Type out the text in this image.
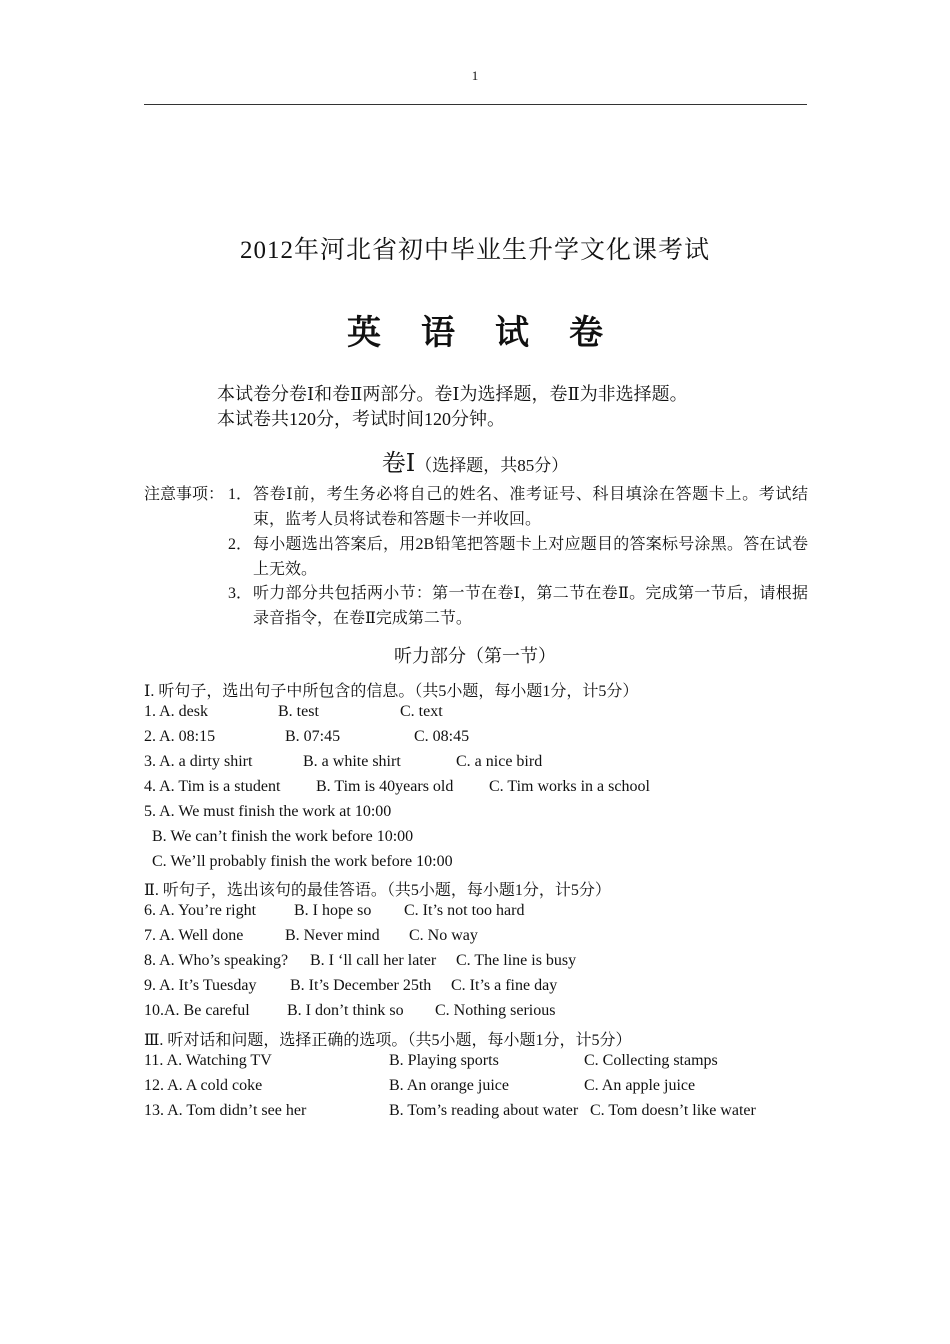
1
2012年河北省初中毕业生升学文化课考试
英语试卷
本试卷分卷Ⅰ和卷Ⅱ两部分。卷Ⅰ为选择题，卷Ⅱ为非选择题。
本试卷共120分，考试时间120分钟。
卷Ⅰ（选择题，共85分）
注意事项： 1． 答卷Ⅰ前，考生务必将自己的姓名、准考证号、科目填涂在答题卡上。考试结束，监考人员将试卷和答题卡一并收回。
2． 每小题选出答案后，用2B铅笔把答题卡上对应题目的答案标号涂黑。答在试卷上无效。
3． 听力部分共包括两小节：第一节在卷Ⅰ，第二节在卷Ⅱ。完成第一节后，请根据录音指令，在卷Ⅱ完成第二节。
听力部分（第一节）
Ⅰ. 听句子，选出句子中所包含的信息。（共5小题，每小题1分，计5分）
1. A. desk	B. test	C. text
2. A. 08:15	B. 07:45	C. 08:45
3. A. a dirty shirt	B. a white shirt	C. a nice bird
4. A. Tim is a student B. Tim is 40years old C. Tim works in a school
5. A. We must finish the work at 10:00
B. We can’t finish the work before 10:00
C. We’ll probably finish the work before 10:00
Ⅱ. 听句子，选出该句的最佳答语。（共5小题，每小题1分，计5分）
6. A. You’re right B. I hope so C. It’s not too hard
7. A. Well done	B. Never mind C. No way
8. A. Who’s speaking? B. I ‘ll call her later C. The line is busy
9. A. It’s Tuesday B. It’s December 25th C. It’s a fine day
10.A. Be careful B. I don’t think so C. Nothing serious
Ⅲ. 听对话和问题，选择正确的选项。（共5小题，每小题1分，计5分）
11. A. Watching TV	B. Playing sports	C. Collecting stamps
12. A. A cold coke	B. An orange juice	C. An apple juice
13. A. Tom didn’t see her	B. Tom’s reading about water C. Tom doesn’t like water
